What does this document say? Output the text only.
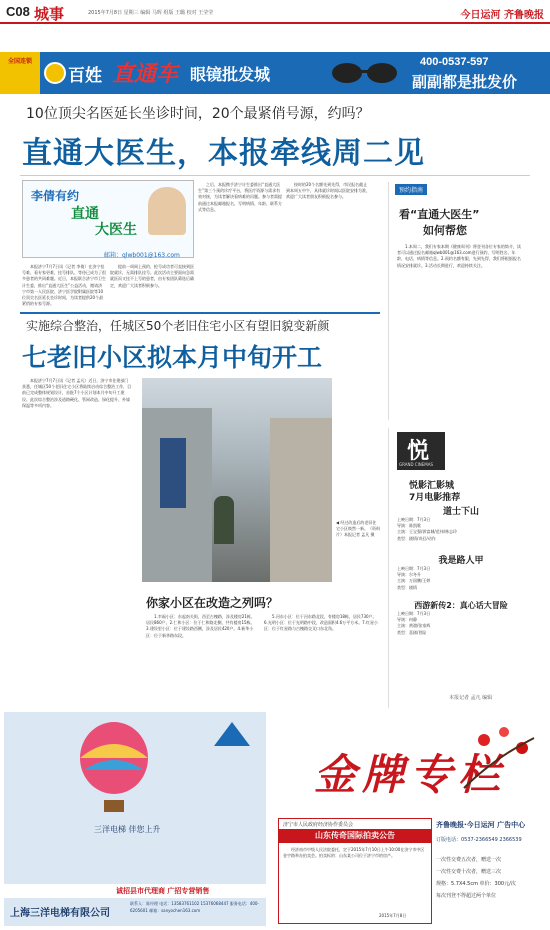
C08 城事	2015年7月8日 星期三 编辑 马辉 组版 王璐 校对 王莹莹	今日运河 齐鲁晚报
全国连锁
百姓 直通车 眼镜批发城
400-0537-597
副副都是批发价
10位顶尖名医延长坐诊时间，20个最紧俏号源，约吗？
直通大医生，本报牵线周二见
李倩有约
直通
大医生
邮箱：qlwb001@163.com

本报济宁7月7日讯（记者 李倩）在济宁挂号难、看专家更难，挂号排队、等待已成为了很多患者的共同难题。近日，本报联合济宁市卫生计生委，推出“直通大医生”公益活动，邀请济宁市第一人民医院、济宁医学院附属医院等10位顶尖名医延长坐诊时间，为读者提供20个最紧俏的专家号源。

提前一周网上预约，抢号成功者可直接到医院就诊，无需排队挂号。此次活动主要面向急需就医而又挂不上号的患者，由专家团队筛选后确定，欢迎广大读者积极参与。

之后，本报携手济宁计生委推出“直通大医生”第三个预约诊疗平台，将医疗资源与需求有效对接，为读者解决看病难的问题。参与者需提前通过本报邮箱报名，写明病情、年龄、联系方式等信息。

按时的20个名额先到先得，市民报名截止到本周五中午，具体就诊时间以医院安排为准，欢迎广大读者朋友积极报名参与。

预约指南
看“直通大医生”
如何帮您

1.本周二，我们专家本期《健康周刊》将登刊各位专家的简介，读者可以通过报名邮箱qlwb001@163.com进行预约，写明姓名、年龄、电话、病情等信息。2.预约名额有限，先到先得，我们将根据报名情况安排就诊。3.活动长期进行，欢迎持续关注。

实施综合整治，任城区50个老旧住宅小区有望旧貌变新颜
七老旧小区拟本月中旬开工

本报济宁7月7日讯（记者 孟凡）近日，济宁市住建部门获悉，任城区50个老旧住宅小区将陆续启动综合整治工作，目前已完成整体规划设计，首批7个小区计划本月中旬开工建设。此次综合整治涉及道路硬化、管网改造、绿化提升、外墙保温等多项内容。

◀ 经过改造后的老旧住宅小区焕然一新。（资料片）本报记者 孟凡 摄

你家小区在改造之列吗？

1.幸福小区：东起南关街，西至古槐路，涉及楼房21栋，居民860户。2.仁和小区：位于仁和路北侧，共有楼房15栋。3.建设里小区：位于建设路西侧，涉及居民420户。4.新华小区：位于新华路东段。

5.河东小区：位于河东路北段，有楼房18栋，居民730户。6.光明小区：位于光明路中段，改造面积4.6万平方米。7.红星小区：位于红星路与古槐路交叉口东北角。

悦
GRAND CINEMAS
悦影汇影城
7月电影推荐
道士下山
上映日期：7月3日
导演：陈凯歌
主演：王宝强/郭富城/范伟/林志玲
类型：剧情/奇幻/动作
我是路人甲
上映日期：7月3日
导演：尔冬升
主演：万国鹏/王婷
类型：剧情
西游新传2：真心话大冒险
上映日期：7月3日
导演：何静
主演：黄渤/张家辉
类型：喜剧/冒险
本报记者 孟凡 编辑
三洋电梯 伴您上升
诚招县市代理商 广招专营销售
上海三洋电梯有限公司
联系人：陈经理 电话：13583761102 15376068447 服务电话：400-6205601 邮箱：sanyochen163.com
金牌专栏
济宁市人民政府经济协作委员会
山东传奇国际拍卖公告

经济南市中级人民法院委托，定于2015年7月10日上午10:00在济宁市中区金宇路举办拍卖会。拍卖标的：山东某公司位于济宁市的房产。

2015年7月8日
齐鲁晚报·今日运河 广告中心
订版电话：0537-2366549 2366539
一次性交费五次者，赠送一次
一次性交费十次者，赠送三次
规格：5.7X4.5cm 单价：300元/次
每次刊登不得超过两个单位
